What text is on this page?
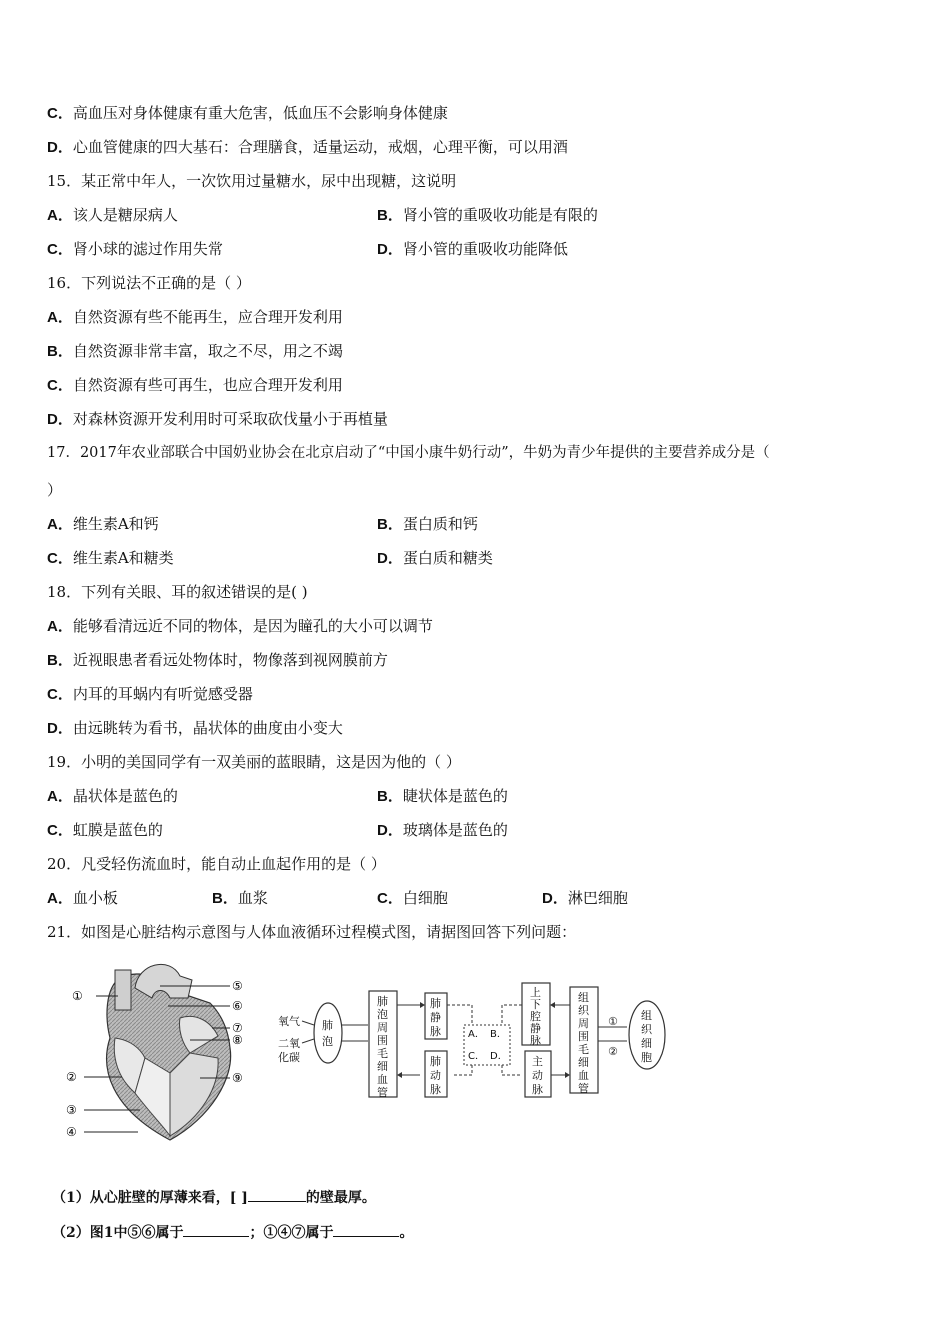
C．高血压对身体健康有重大危害，低血压不会影响身体健康
D．心血管健康的四大基石：合理膳食，适量运动，戒烟，心理平衡，可以用酒
15．某正常中年人，一次饮用过量糖水，尿中出现糖，这说明
A．该人是糖尿病人	B．肾小管的重吸收功能是有限的
C．肾小球的滤过作用失常	D．肾小管的重吸收功能降低
16．下列说法不正确的是（ ）
A．自然资源有些不能再生，应合理开发利用
B．自然资源非常丰富，取之不尽，用之不竭
C．自然资源有些可再生，也应合理开发利用
D．对森林资源开发利用时可采取砍伐量小于再植量
17．2017年农业部联合中国奶业协会在北京启动了“中国小康牛奶行动”，牛奶为青少年提供的主要营养成分是（
）
A．维生素A和钙	B．蛋白质和钙
C．维生素A和糖类	D．蛋白质和糖类
18．下列有关眼、耳的叙述错误的是( )
A．能够看清远近不同的物体，是因为瞳孔的大小可以调节
B．近视眼患者看远处物体时，物像落到视网膜前方
C．内耳的耳蜗内有听觉感受器
D．由远眺转为看书，晶状体的曲度由小变大
19．小明的美国同学有一双美丽的蓝眼睛，这是因为他的（ ）
A．晶状体是蓝色的	B．睫状体是蓝色的
C．虹膜是蓝色的	D．玻璃体是蓝色的
20．凡受轻伤流血时，能自动止血起作用的是（ ）
A．血小板	B．血浆	C．白细胞	D．淋巴细胞
21．如图是心脏结构示意图与人体血液循环过程模式图，请据图回答下列问题：
①
②
③
④
⑤
⑥
⑦
⑧
⑨
氧气
二氧
化碳
肺
泡
肺
泡
周
围
毛
细
血
管
肺
静
脉
肺
动
脉
A． B．
C． D．
上
下
腔
静
脉
主
动
脉
组
织
周
围
毛
细
血
管
①
②
组
织
细
胞
（1）从心脏壁的厚薄来看，[ ]	的壁最厚。
（2）图1中⑤⑥属于	；①④⑦属于	。
